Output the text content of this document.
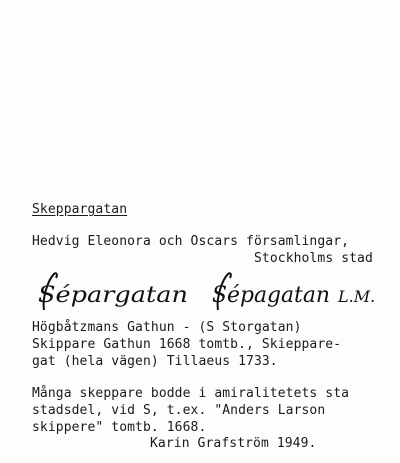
Skeppargatan
Hedvig Eleonora och Oscars församlingar,
Stockholms stad
Sépargatan Sépagatan L.M.
Högbåtzmans Gathun - (S Storgatan)
Skippare Gathun 1668 tomtb., Skieppare-
gat (hela vägen) Tillaeus 1733.
Många skeppare bodde i amiralitetets sta
stadsdel, vid S, t.ex. "Anders Larson
skippere" tomtb. 1668.
Karin Grafström 1949.
